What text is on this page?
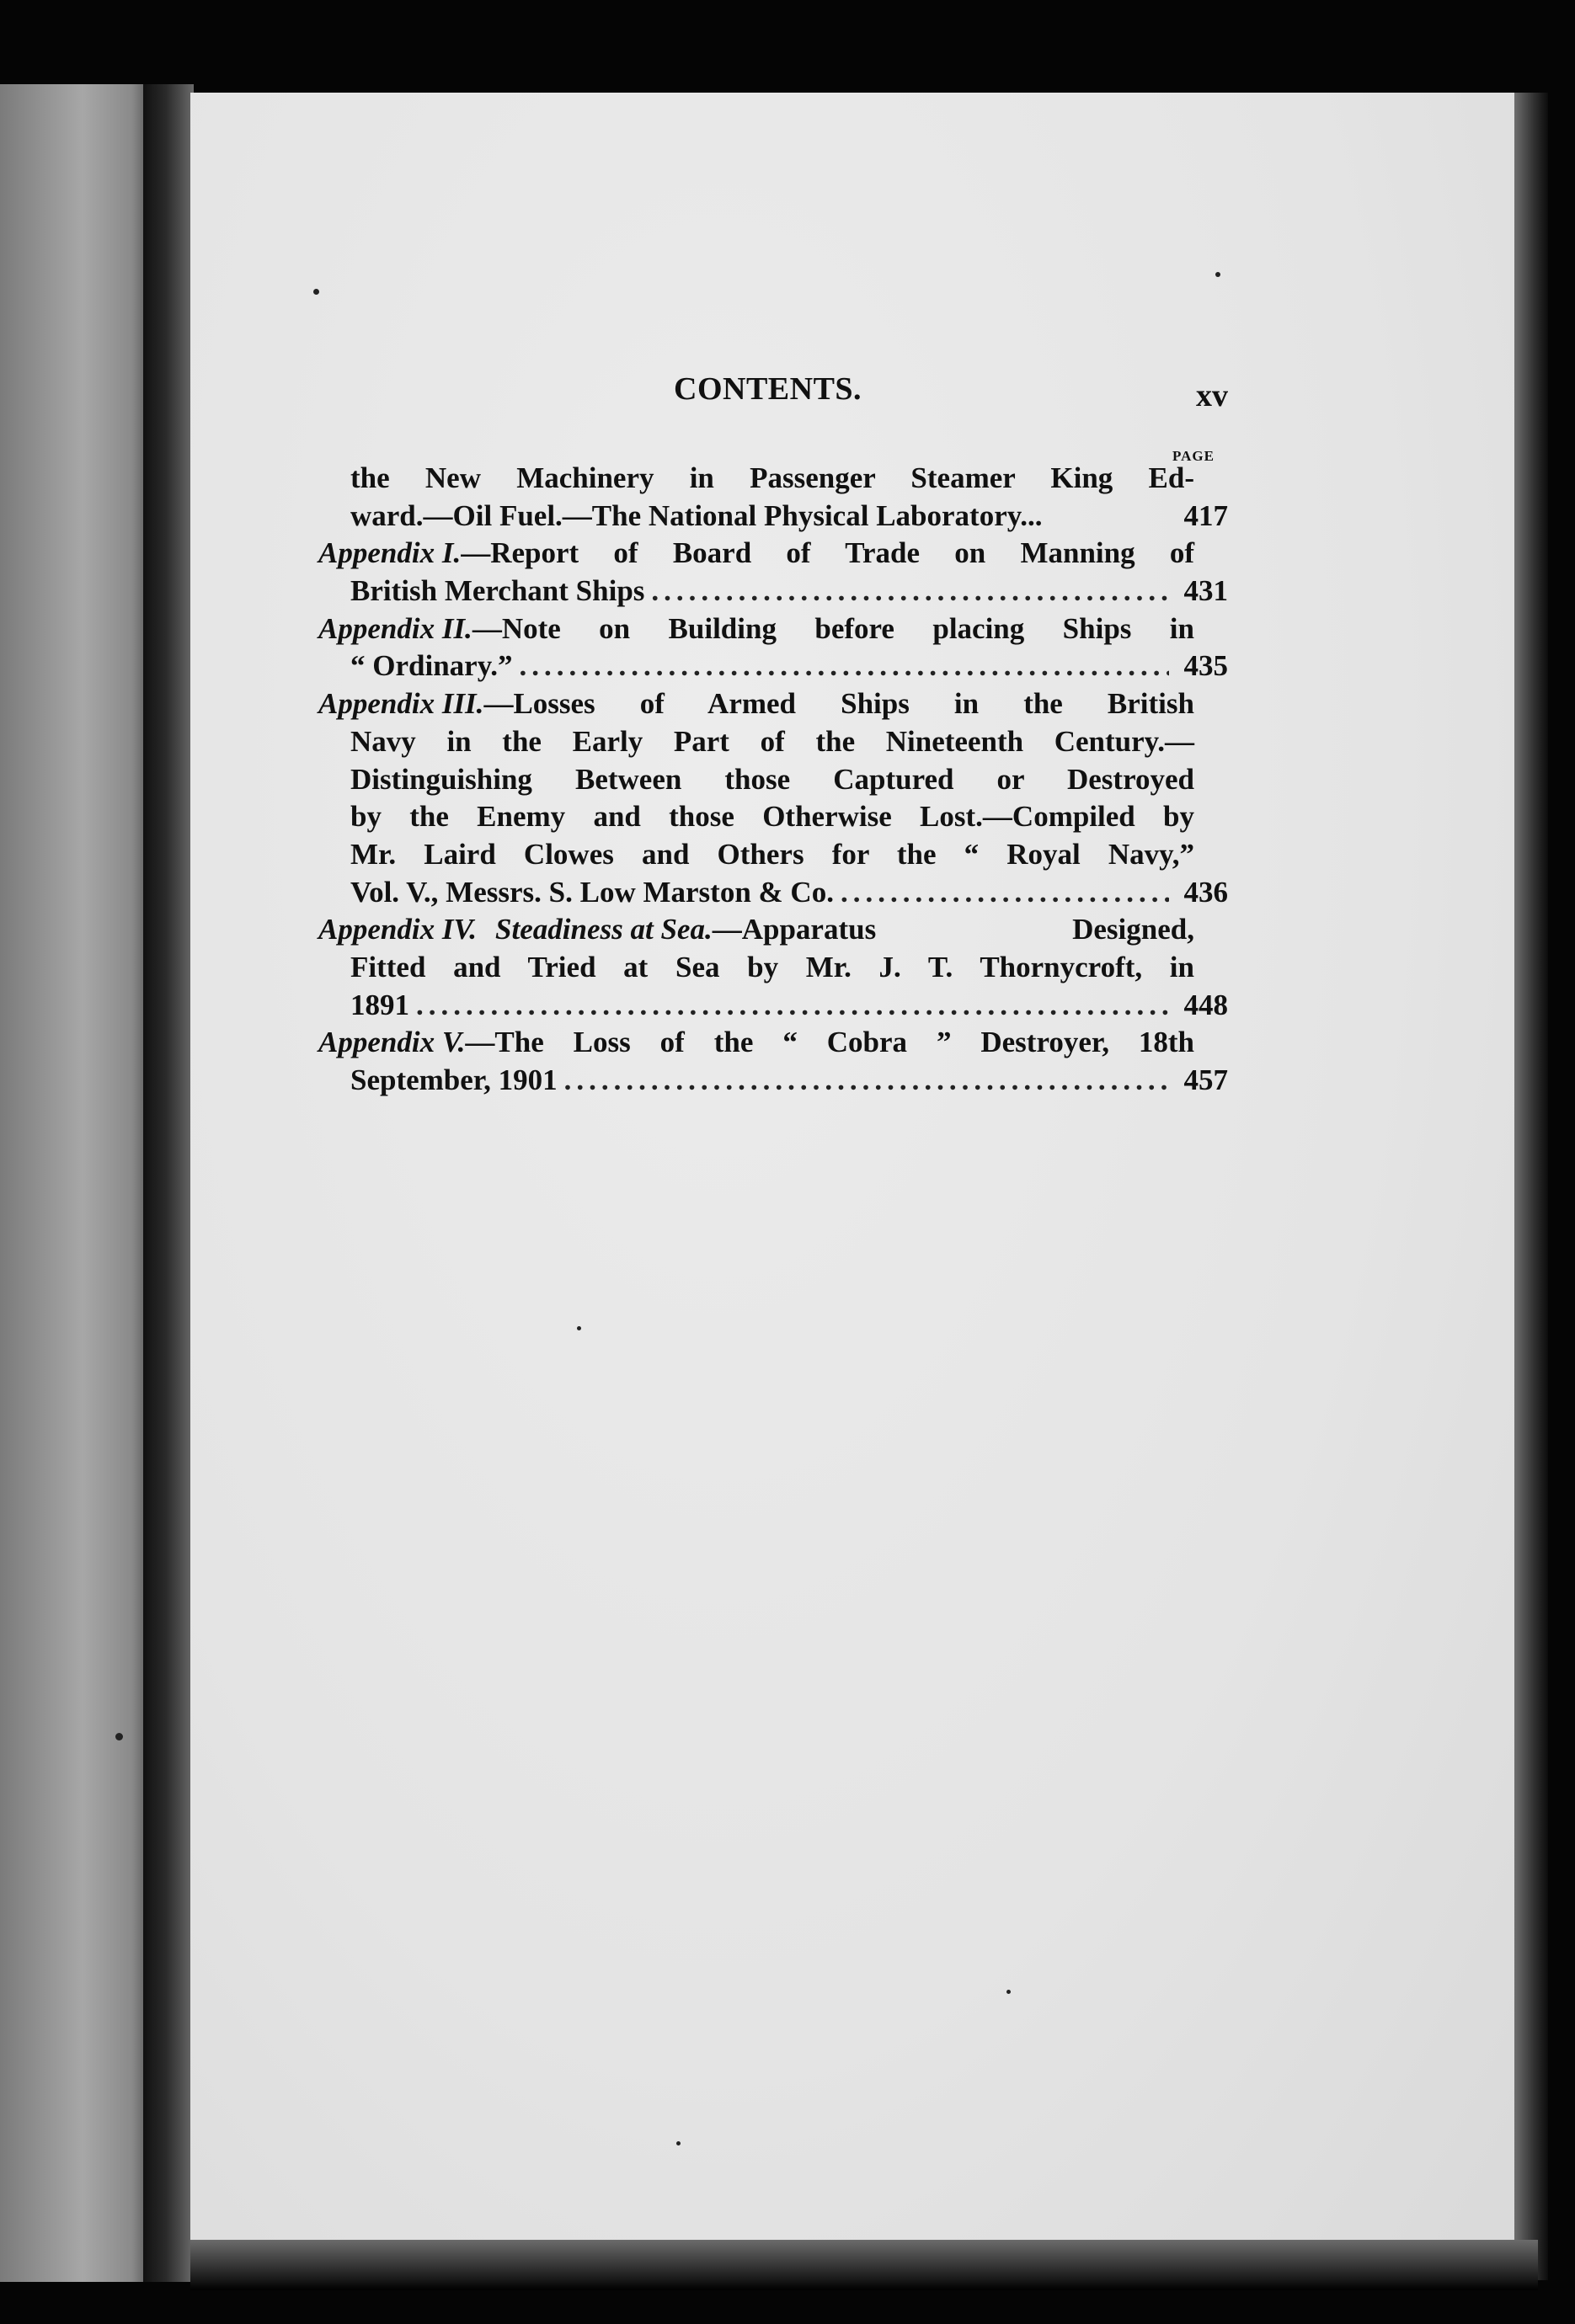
CONTENTS.	xv
PAGE
the New Machinery in Passenger Steamer King Ed-
ward.—Oil Fuel.—The National Physical Laboratory...	417
Appendix I. —Report of Board of Trade on Manning of
British Merchant Ships .....	431
Appendix II. —Note on Building before placing Ships in
“ Ordinary.” .....	435
Appendix III. —Losses of Armed Ships in the British
Navy in the Early Part of the Nineteenth Century.—
Distinguishing Between those Captured or Destroyed
by the Enemy and those Otherwise Lost.—Compiled by
Mr. Laird Clowes and Others for the “ Royal Navy,”
Vol. V., Messrs. S. Low Marston & Co. .....	436
Appendix IV. Steadiness at Sea. —Apparatus Designed,
Fitted and Tried at Sea by Mr. J. T. Thornycroft, in
1891 .....	448
Appendix V. —The Loss of the “ Cobra ” Destroyer, 18th
September, 1901 .....	457
